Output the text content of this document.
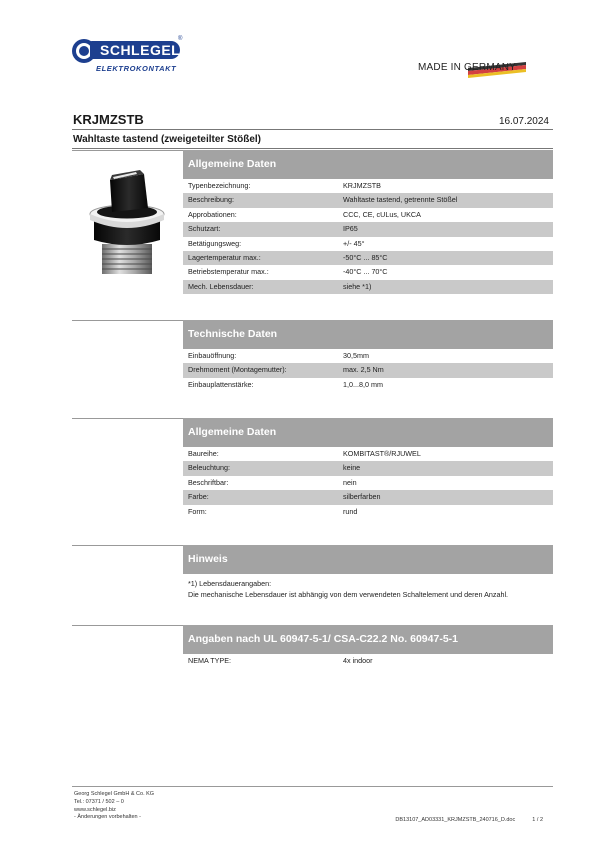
SCHLEGEL
®
ELEKTROKONTAKT	MADE IN GERMANY
KRJMZSTB	16.07.2024
Wahltaste tastend (zweigeteilter Stößel)
Allgemeine Daten
Typenbezeichnung:	KRJMZSTB
Beschreibung:	Wahltaste tastend, getrennte Stößel
Approbationen:	CCC, CE, cULus, UKCA
Schutzart:	IP65
Betätigungsweg:	+/- 45°
Lagertemperatur max.:	-50°C ... 85°C
Betriebstemperatur max.:	-40°C ... 70°C
Mech. Lebensdauer:	siehe *1)
Technische Daten
Einbauöffnung:	30,5mm
Drehmoment (Montagemutter):	max. 2,5 Nm
Einbauplattenstärke:	1,0...8,0 mm
Allgemeine Daten
Baureihe:	KOMBITAST®/RJUWEL
Beleuchtung:	keine
Beschriftbar:	nein
Farbe:	silberfarben
Form:	rund
Hinweis
*1) Lebensdauerangaben:
Die mechanische Lebensdauer ist abhängig von dem verwendeten Schaltelement und deren Anzahl.
Angaben nach UL 60947-5-1/ CSA-C22.2 No. 60947-5-1
NEMA TYPE:	4x indoor
Georg Schlegel GmbH & Co. KG
Tel.: 07371 / 502 – 0
www.schlegel.biz
- Änderungen vorbehalten -	DB13107_AD03331_KRJMZSTB_240716_D.doc	1 / 2
